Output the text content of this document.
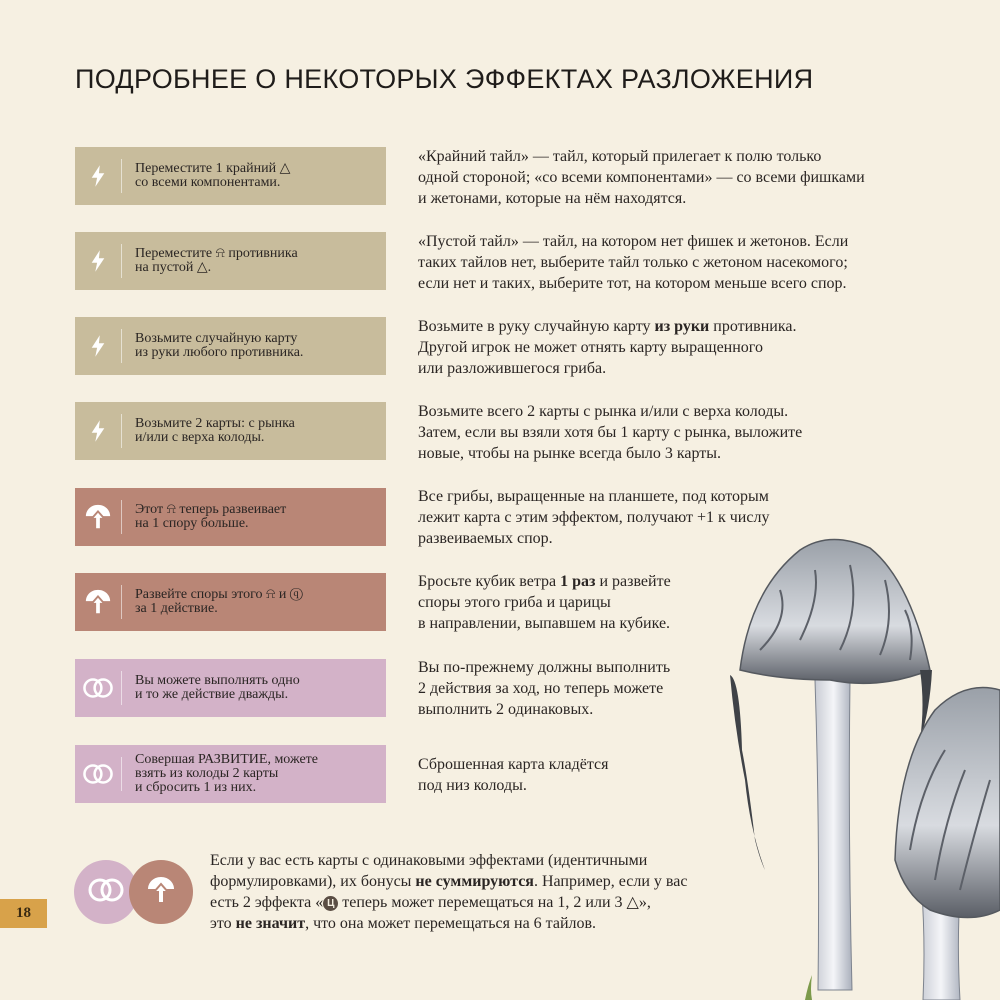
ПОДРОБНЕЕ О НЕКОТОРЫХ ЭФФЕКТАХ РАЗЛОЖЕНИЯ
Переместите 1 крайний △
со всеми компонентами.
«Крайний тайл» — тайл, который прилегает к полю только
одной стороной; «со всеми компонентами» — со всеми фишками
и жетонами, которые на нём находятся.
Переместите ⍾ противника
на пустой △.
«Пустой тайл» — тайл, на котором нет фишек и жетонов. Если
таких тайлов нет, выберите тайл только с жетоном насекомого;
если нет и таких, выберите тот, на котором меньше всего спор.
Возьмите случайную карту
из руки любого противника.
Возьмите в руку случайную карту из руки противника.
Другой игрок не может отнять карту выращенного
или разложившегося гриба.
Возьмите 2 карты: с рынка
и/или с верха колоды.
Возьмите всего 2 карты с рынка и/или с верха колоды.
Затем, если вы взяли хотя бы 1 карту с рынка, выложите
новые, чтобы на рынке всегда было 3 карты.
Этот ⍾ теперь развеивает
на 1 спору больше.
Все грибы, выращенные на планшете, под которым
лежит карта с этим эффектом, получают +1 к числу
развеиваемых спор.
Развейте споры этого ⍾ и ⓠ
за 1 действие.
Бросьте кубик ветра 1 раз и развейте
споры этого гриба и царицы
в направлении, выпавшем на кубике.
Вы можете выполнять одно
и то же действие дважды.
Вы по-прежнему должны выполнить
2 действия за ход, но теперь можете
выполнить 2 одинаковых.
Совершая РАЗВИТИЕ, можете
взять из колоды 2 карты
и сбросить 1 из них.
Сброшенная карта кладётся
под низ колоды.
Если у вас есть карты с одинаковыми эффектами (идентичными
формулировками), их бонусы не суммируются. Например, если у вас
есть 2 эффекта « Ц теперь может перемещаться на 1, 2 или 3 △»,
это не значит, что она может перемещаться на 6 тайлов.
18
